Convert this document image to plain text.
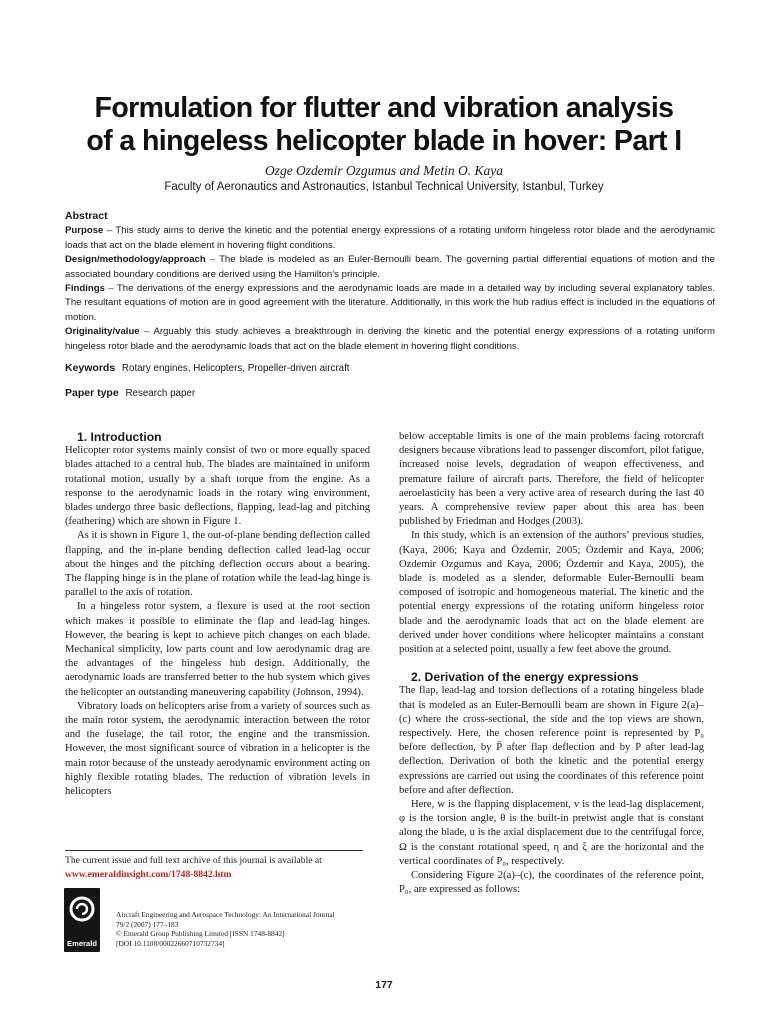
Formulation for flutter and vibration analysis
of a hingeless helicopter blade in hover: Part I
Ozge Ozdemir Ozgumus and Metin O. Kaya
Faculty of Aeronautics and Astronautics, Istanbul Technical University, Istanbul, Turkey
Abstract

Purpose – This study aims to derive the kinetic and the potential energy expressions of a rotating uniform hingeless rotor blade and the aerodynamic loads that act on the blade element in hovering flight conditions.

Design/methodology/approach – The blade is modeled as an Euler-Bernoulli beam. The governing partial differential equations of motion and the associated boundary conditions are derived using the Hamilton’s principle.

Findings – The derivations of the energy expressions and the aerodynamic loads are made in a detailed way by including several explanatory tables. The resultant equations of motion are in good agreement with the literature. Additionally, in this work the hub radius effect is included in the equations of motion.

Originality/value – Arguably this study achieves a breakthrough in deriving the kinetic and the potential energy expressions of a rotating uniform hingeless rotor blade and the aerodynamic loads that act on the blade element in hovering flight conditions.

Keywords Rotary engines, Helicopters, Propeller-driven aircraft
Paper type Research paper

1. Introduction

Helicopter rotor systems mainly consist of two or more equally spaced blades attached to a central hub. The blades are maintained in uniform rotational motion, usually by a shaft torque from the engine. As a response to the aerodynamic loads in the rotary wing environment, blades undergo three basic deflections, flapping, lead-lag and pitching (feathering) which are shown in Figure 1.

As it is shown in Figure 1, the out-of-plane bending deflection called flapping, and the in-plane bending deflection called lead-lag occur about the hinges and the pitching deflection occurs about a bearing. The flapping hinge is in the plane of rotation while the lead-lag hinge is parallel to the axis of rotation.

In a hingeless rotor system, a flexure is used at the root section which makes it possible to eliminate the flap and lead-lag hinges. However, the bearing is kept to achieve pitch changes on each blade. Mechanical simplicity, low parts count and low aerodynamic drag are the advantages of the hingeless hub design. Additionally, the aerodynamic loads are transferred better to the hub system which gives the helicopter an outstanding maneuvering capability (Johnson, 1994).

Vibratory loads on helicopters arise from a variety of sources such as the main rotor system, the aerodynamic interaction between the rotor and the fuselage, the tail rotor, the engine and the transmission. However, the most significant source of vibration in a helicopter is the main rotor because of the unsteady aerodynamic environment acting on highly flexible rotating blades. The reduction of vibration levels in helicopters

below acceptable limits is one of the main problems facing rotorcraft designers because vibrations lead to passenger discomfort, pilot fatigue, increased noise levels, degradation of weapon effectiveness, and premature failure of aircraft parts. Therefore, the field of helicopter aeroelasticity has been a very active area of research during the last 40 years. A comprehensive review paper about this area has been published by Friedman and Hodges (2003).

In this study, which is an extension of the authors’ previous studies, (Kaya, 2006; Kaya and Özdemir, 2005; Özdemir and Kaya, 2006; Ozdemir Ozgumus and Kaya, 2006; Özdemir and Kaya, 2005), the blade is modeled as a slender, deformable Euler-Bernoulli beam composed of isotropic and homogeneous material. The kinetic and the potential energy expressions of the rotating uniform hingeless rotor blade and the aerodynamic loads that act on the blade element are derived under hover conditions where helicopter maintains a constant position at a selected point, usually a few feet above the ground.

2. Derivation of the energy expressions

The flap, lead-lag and torsion deflections of a rotating hingeless blade that is modeled as an Euler-Bernoulli beam are shown in Figure 2(a)–(c) where the cross-sectional, the side and the top views are shown, respectively. Here, the chosen reference point is represented by P₀ before deflection, by P̄ after flap deflection and by P after lead-lag deflection. Derivation of both the kinetic and the potential energy expressions are carried out using the coordinates of this reference point before and after deflection.

Here, w is the flapping displacement, v is the lead-lag displacement, φ is the torsion angle, θ is the built-in pretwist angle that is constant along the blade, u is the axial displacement due to the centrifugal force, Ω is the constant rotational speed, η and ξ are the horizontal and the vertical coordinates of P₀, respectively.

Considering Figure 2(a)–(c), the coordinates of the reference point, P₀, are expressed as follows:

The current issue and full text archive of this journal is available at
www.emeraldinsight.com/1748-8842.htm
Emerald
Aircraft Engineering and Aerospace Technology: An International Journal
79/2 (2007) 177–183
© Emerald Group Publishing Limited [ISSN 1748-8842]
[DOI 10.1108/00022660710732734]
177
